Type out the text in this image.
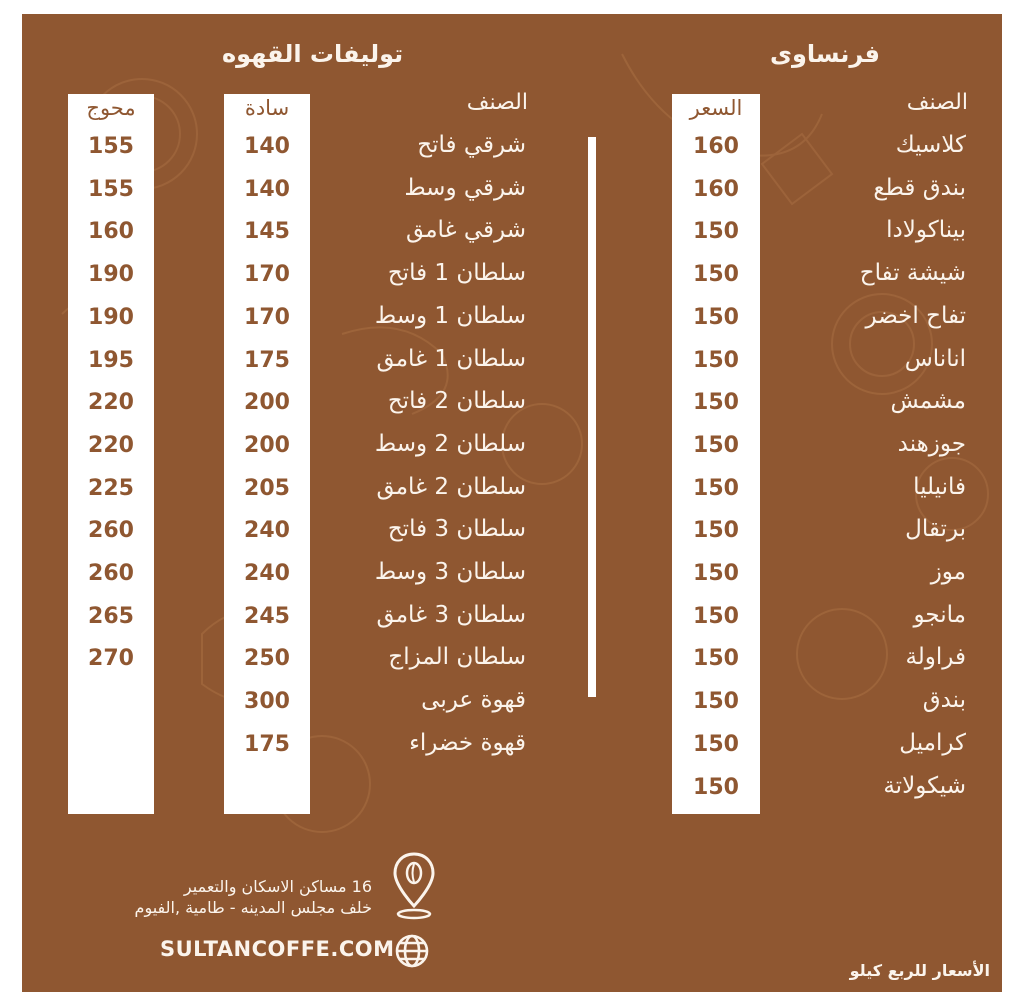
فرنساوى
توليفات القهوه
الصنف
الصنف
محوج	سادة	السعر
كلاسيك
160
بندق قطع
160
بيناكولادا
150
شيشة تفاح
150
تفاح اخضر
150
اناناس
150
مشمش
150
جوزهند
150
فانيليا
150
برتقال
150
موز
150
مانجو
150
فراولة
150
بندق
150
كراميل
150
شيكولاتة
150
شرقي فاتح
140
155
شرقي وسط
140
155
شرقي غامق
145
160
سلطان 1 فاتح
170
190
سلطان 1 وسط
170
190
سلطان 1 غامق
175
195
سلطان 2 فاتح
200
220
سلطان 2 وسط
200
220
سلطان 2 غامق
205
225
سلطان 3 فاتح
240
260
سلطان 3 وسط
240
260
سلطان 3 غامق
245
265
سلطان المزاج
250
270
قهوة عربى
300
قهوة خضراء
175
16 مساكن الاسكان والتعمير
خلف مجلس المدينه - طامية ,الفيوم
SULTANCOFFE.COM
الأسعار للربع كيلو
